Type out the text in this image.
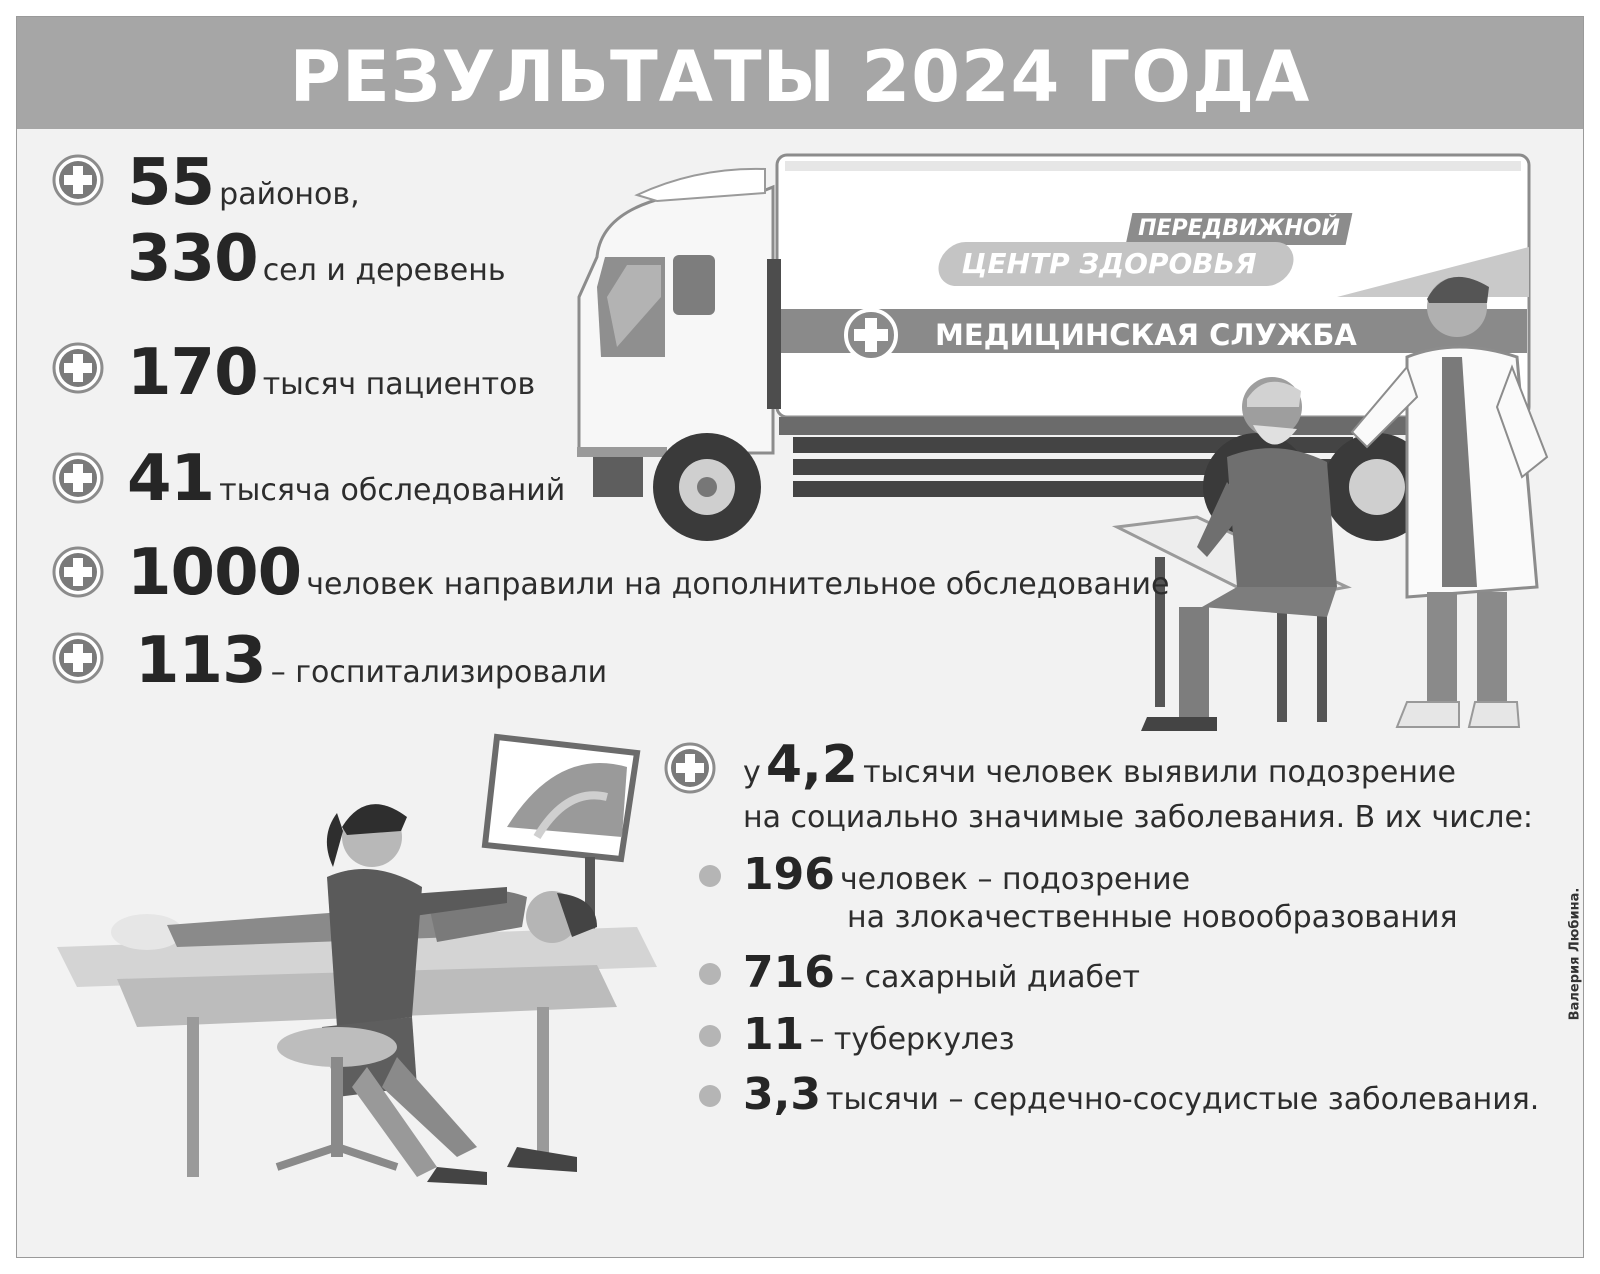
РЕЗУЛЬТАТЫ 2024 ГОДА
ПЕРЕДВИЖНОЙ
ЦЕНТР ЗДОРОВЬЯ
МЕДИЦИНСКАЯ СЛУЖБА
55 районов,
330 сел и деревень
170 тысяч пациентов
41 тысяча обследований
1000 человек направили на дополнительное обследование
113 – госпитализировали
у 4,2 тысячи человек выявили подозрение
на социально значимые заболевания. В их числе:
196 человек – подозрение
на злокачественные новообразования
716 – сахарный диабет
11 – туберкулез
3,3 тысячи – сердечно-сосудистые заболевания.
Валерия Любина.
